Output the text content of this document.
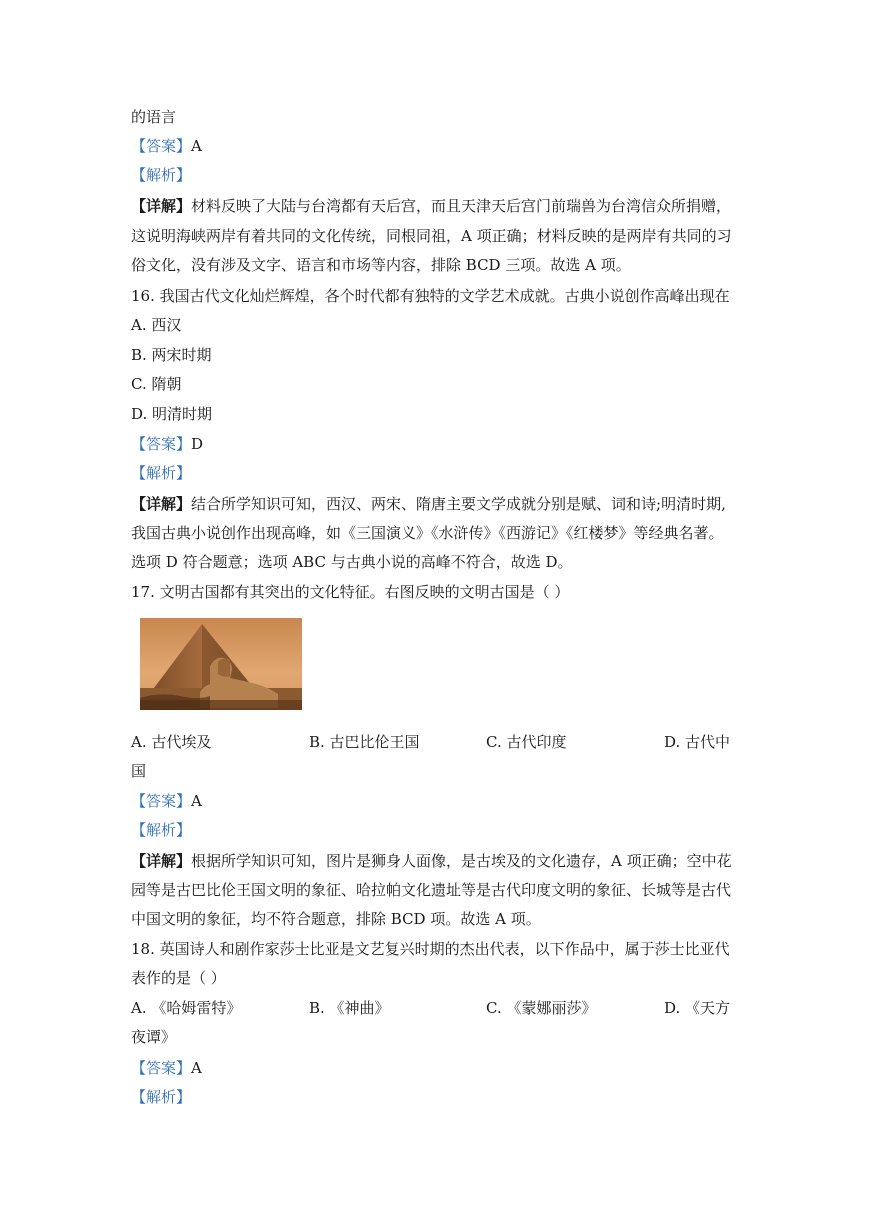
的语言
【答案】A
【解析】
【详解】材料反映了大陆与台湾都有天后宫，而且天津天后宫门前瑞兽为台湾信众所捐赠，
这说明海峡两岸有着共同的文化传统，同根同祖，A 项正确；材料反映的是两岸有共同的习
俗文化，没有涉及文字、语言和市场等内容，排除 BCD 三项。故选 A 项。
16. 我国古代文化灿烂辉煌，各个时代都有独特的文学艺术成就。古典小说创作高峰出现在
A. 西汉
B. 两宋时期
C. 隋朝
D. 明清时期
【答案】D
【解析】
【详解】结合所学知识可知，西汉、两宋、隋唐主要文学成就分别是赋、词和诗;明清时期,
我国古典小说创作出现高峰，如《三国演义》《水浒传》《西游记》《红楼梦》等经典名著。
选项 D 符合题意；选项 ABC 与古典小说的高峰不符合，故选 D。
17. 文明古国都有其突出的文化特征。右图反映的文明古国是（ ）
A. 古代埃及	B. 古巴比伦王国	C. 古代印度	D. 古代中
国
【答案】A
【解析】
【详解】根据所学知识可知，图片是狮身人面像，是古埃及的文化遗存，A 项正确；空中花
园等是古巴比伦王国文明的象征、哈拉帕文化遗址等是古代印度文明的象征、长城等是古代
中国文明的象征，均不符合题意，排除 BCD 项。故选 A 项。
18. 英国诗人和剧作家莎士比亚是文艺复兴时期的杰出代表，以下作品中，属于莎士比亚代
表作的是（ ）
A. 《哈姆雷特》	B. 《神曲》	C. 《蒙娜丽莎》	D. 《天方
夜谭》
【答案】A
【解析】
